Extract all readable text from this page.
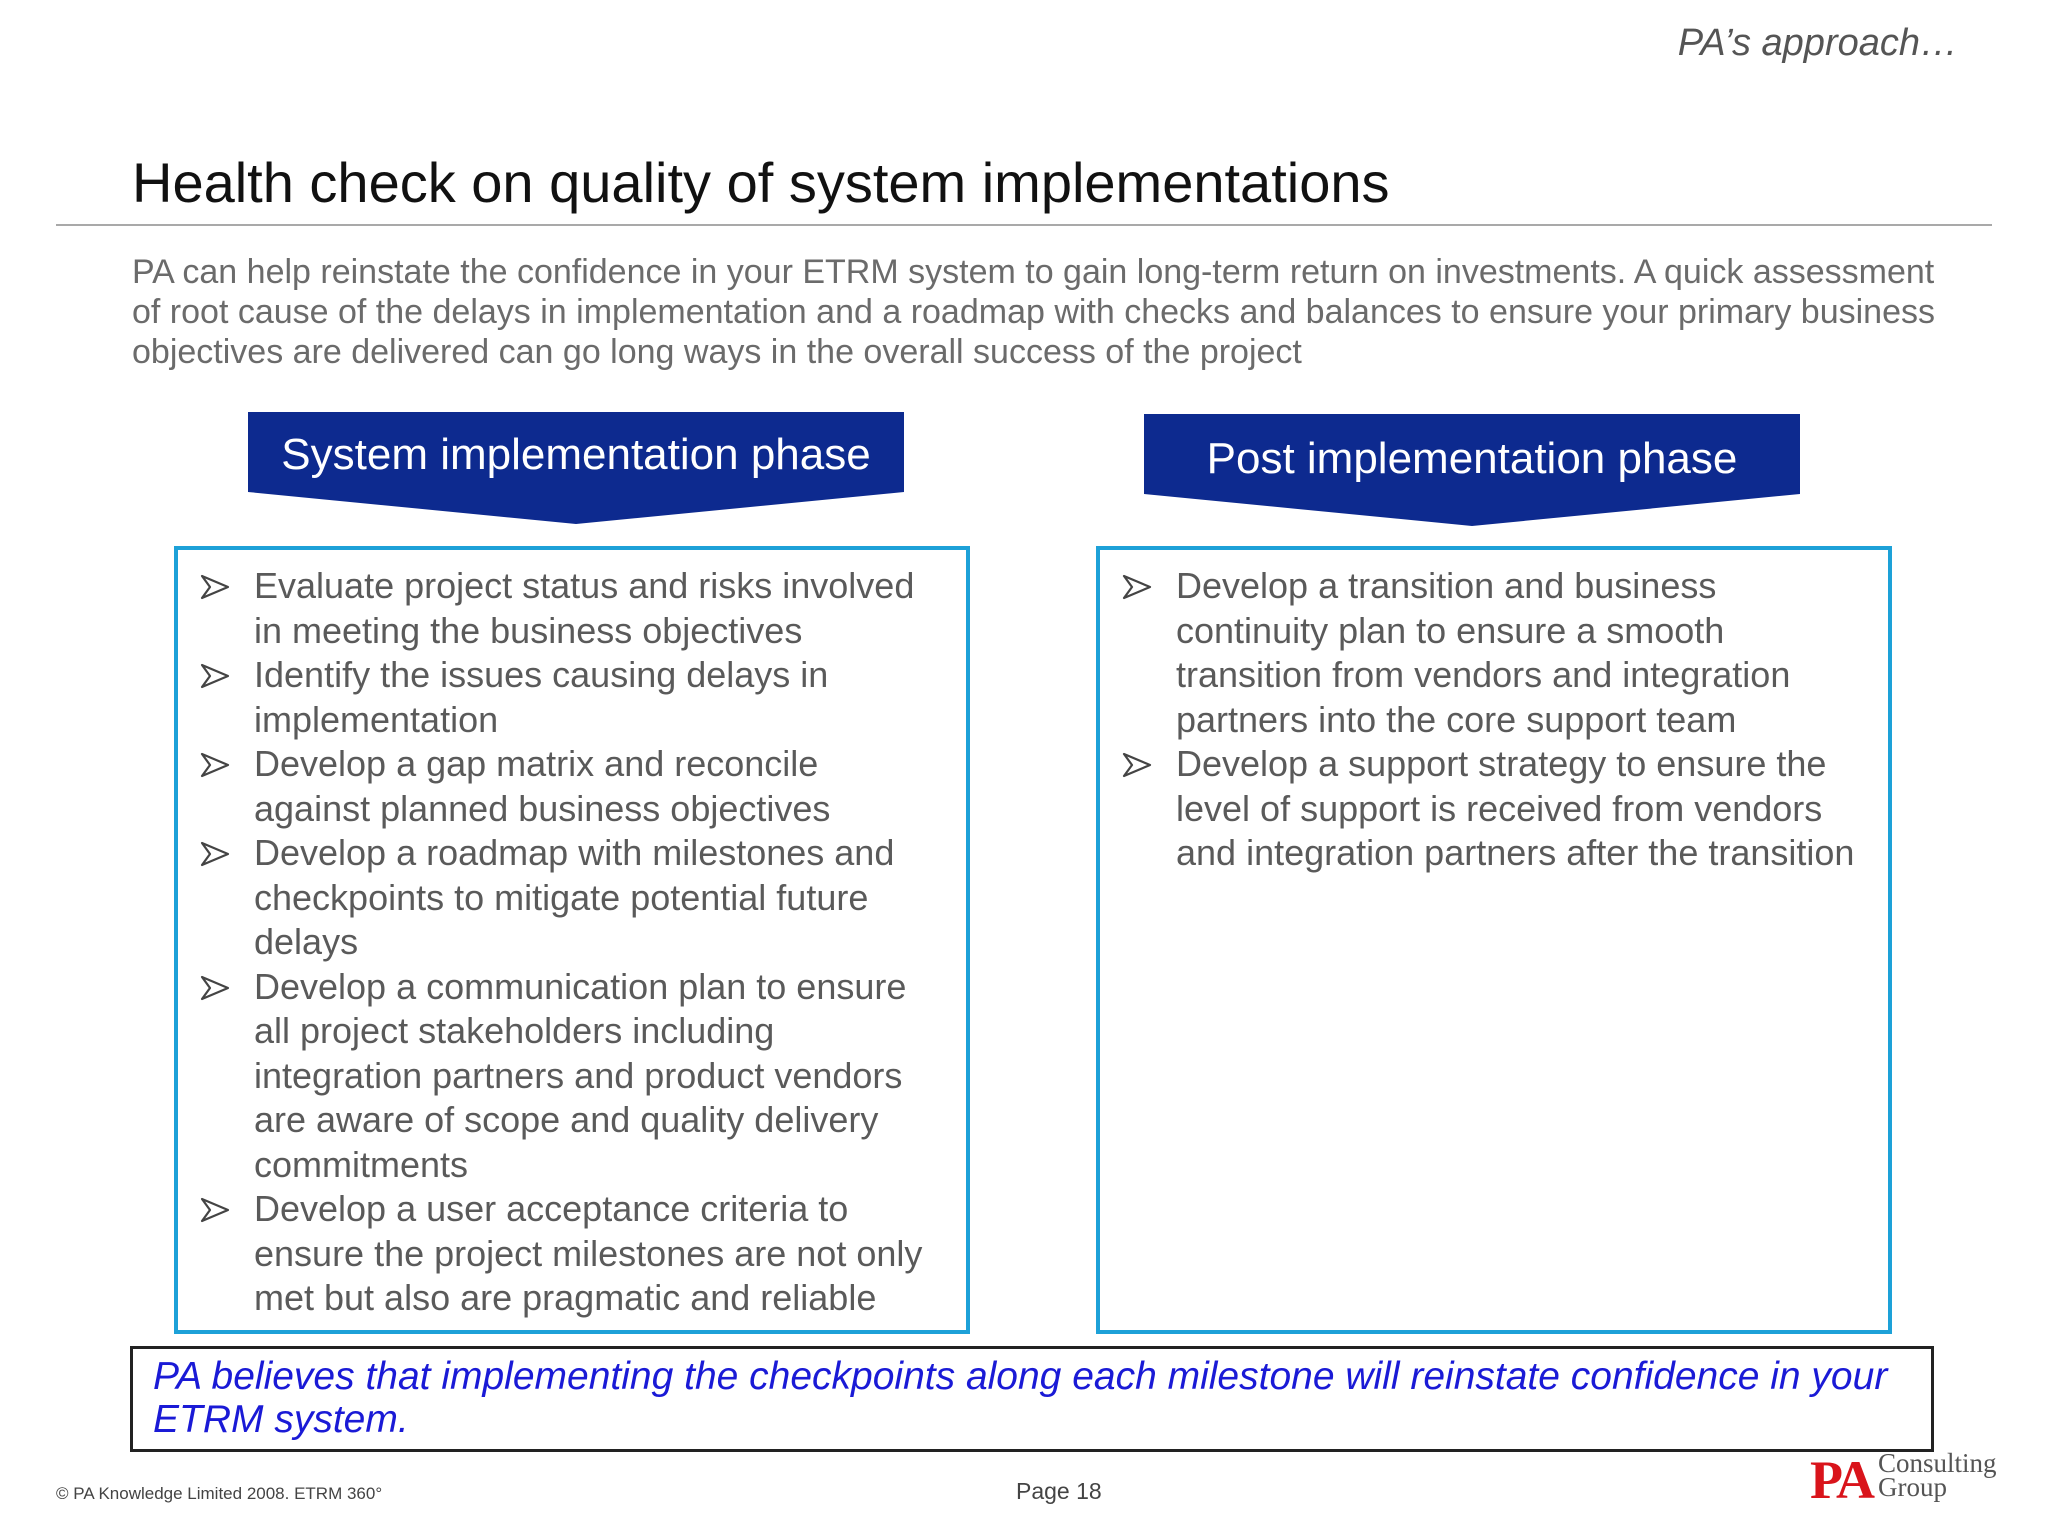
PA’s approach…
Health check on quality of system implementations
PA can help reinstate the confidence in your ETRM system to gain long-term return on investments. A quick assessment of root cause of the delays in implementation and a roadmap with checks and balances to ensure your primary business objectives are delivered can go long ways in the overall success of the project
System implementation phase	Post implementation phase
Evaluate project status and risks involved in meeting the business objectives
Identify the issues causing delays in implementation
Develop a gap matrix and reconcile against planned business objectives
Develop a roadmap with milestones and checkpoints to mitigate potential future delays
Develop a communication plan to ensure all project stakeholders including integration partners and product vendors are aware of scope and quality delivery commitments
Develop a user acceptance criteria to ensure the project milestones are not only met but also are pragmatic and reliable
Develop a transition and business continuity plan to ensure a smooth transition from vendors and integration partners into the core support team
Develop a support strategy to ensure the level of support is received from vendors and integration partners after the transition
PA believes that implementing the checkpoints along each milestone will reinstate confidence in your ETRM system.
© PA Knowledge Limited 2008. ETRM 360°	Page 18	PA Consulting
Group
